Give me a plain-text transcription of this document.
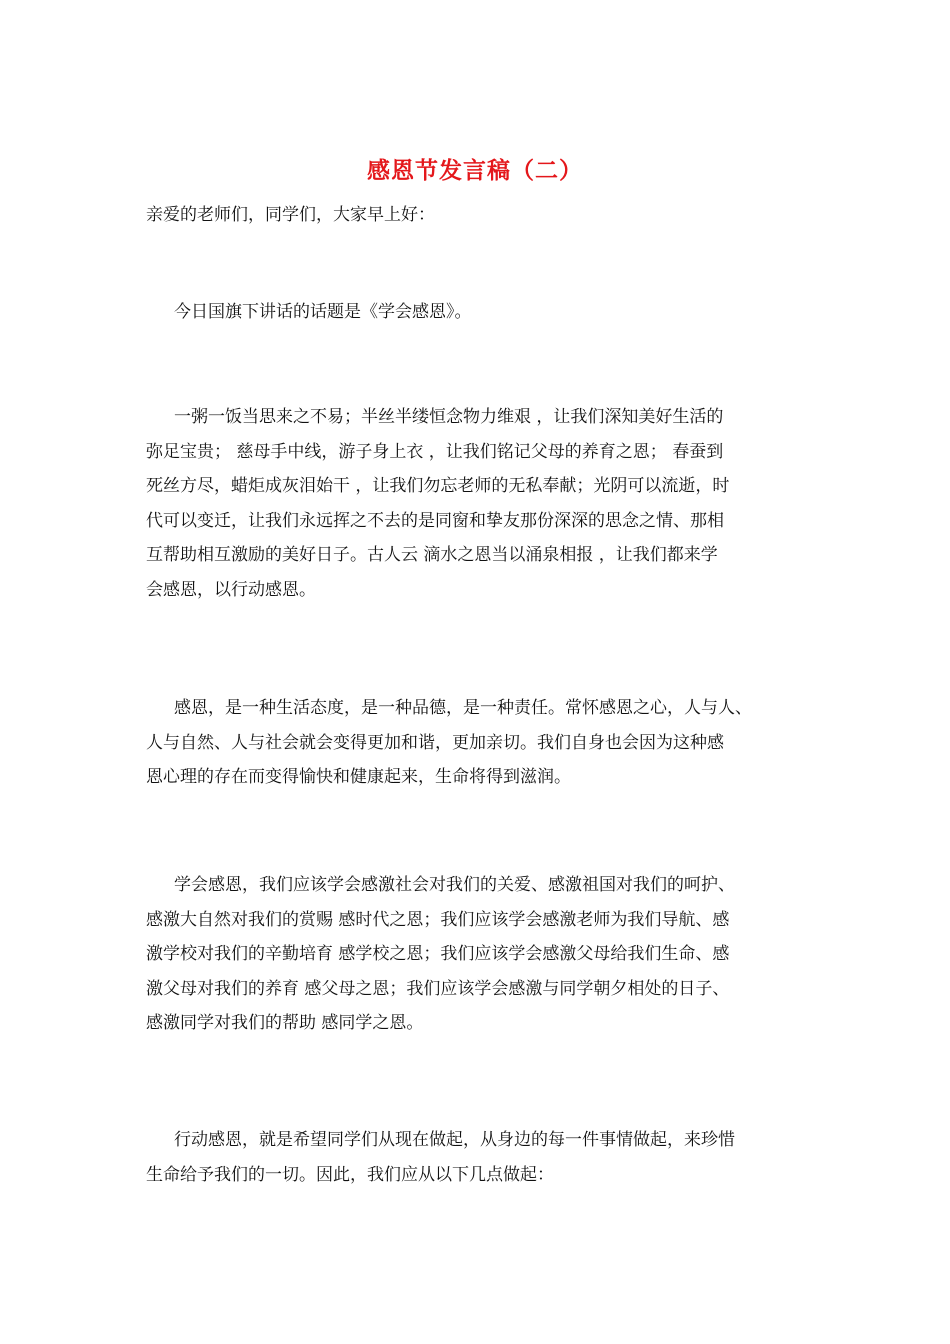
感恩节发言稿（二）

亲爱的老师们，同学们，大家早上好：

今日国旗下讲话的话题是《学会感恩》。
一粥一饭当思来之不易；半丝半缕恒念物力维艰 ，让我们深知美好生活的
弥足宝贵； 慈母手中线，游子身上衣 ，让我们铭记父母的养育之恩； 春蚕到
死丝方尽，蜡炬成灰泪始干 ，让我们勿忘老师的无私奉献；光阴可以流逝，时
代可以变迁，让我们永远挥之不去的是同窗和挚友那份深深的思念之情、那相
互帮助相互激励的美好日子。古人云 滴水之恩当以涌泉相报 ，让我们都来学
会感恩，以行动感恩。
感恩，是一种生活态度，是一种品德，是一种责任。常怀感恩之心，人与人、
人与自然、人与社会就会变得更加和谐，更加亲切。我们自身也会因为这种感
恩心理的存在而变得愉快和健康起来，生命将得到滋润。
学会感恩，我们应该学会感激社会对我们的关爱、感激祖国对我们的呵护、
感激大自然对我们的赏赐 感时代之恩；我们应该学会感激老师为我们导航、感
激学校对我们的辛勤培育 感学校之恩；我们应该学会感激父母给我们生命、感
激父母对我们的养育 感父母之恩；我们应该学会感激与同学朝夕相处的日子、
感激同学对我们的帮助 感同学之恩。
行动感恩，就是希望同学们从现在做起，从身边的每一件事情做起，来珍惜
生命给予我们的一切。因此，我们应从以下几点做起：
